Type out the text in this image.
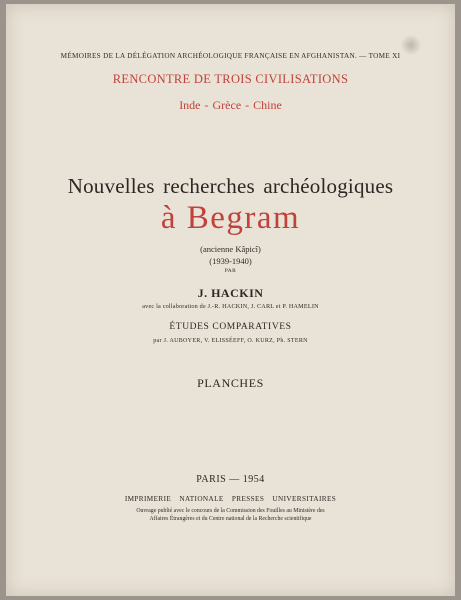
MÉMOIRES DE LA DÉLÉGATION ARCHÉOLOGIQUE FRANÇAISE EN AFGHANISTAN. — TOME XI
RENCONTRE DE TROIS CIVILISATIONS
Inde - Grèce - Chine
Nouvelles recherches archéologiques
à Begram
(ancienne Kâpicî)
(1939-1940)
PAR
J. HACKIN
avec la collaboration de J.-R. HACKIN, J. CARL et P. HAMELIN
ÉTUDES COMPARATIVES
par J. AUBOYER, V. ELISSÉEFF, O. KURZ, Ph. STERN
PLANCHES
PARIS — 1954
IMPRIMERIE NATIONALE PRESSES UNIVERSITAIRES
Ouvrage publié avec le concours de la Commission des Fouilles au Ministère des
Affaires Étrangères et du Centre national de la Recherche scientifique
